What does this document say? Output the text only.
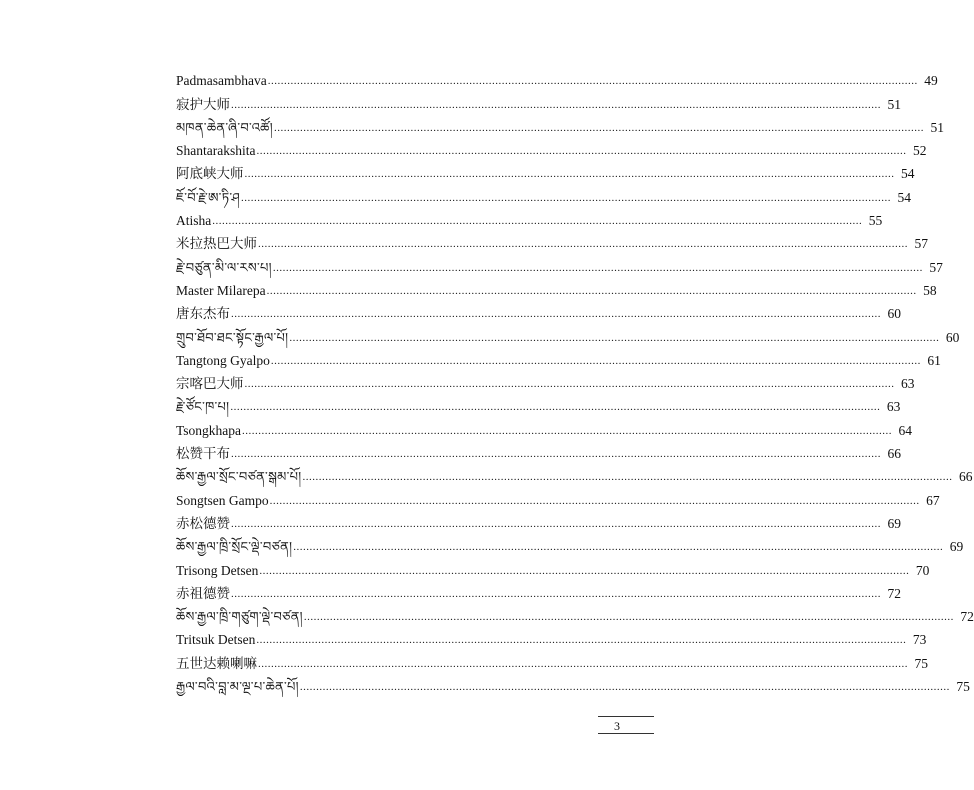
Padmasambhava ........................................................................................................................................................................................................ 49
寂护大师 ........................................................................................................................................................................................................ 51
མཁན་ཆེན་ཞི་བ་འཚོ། ........................................................................................................................................................................................................ 51
Shantarakshita ........................................................................................................................................................................................................ 52
阿底峡大师 ........................................................................................................................................................................................................ 54
ཇོ་བོ་རྗེ་ཨ་ཏི་ཤ ........................................................................................................................................................................................................ 54
Atisha ........................................................................................................................................................................................................ 55
米拉热巴大师 ........................................................................................................................................................................................................ 57
རྗེ་བཙུན་མི་ལ་རས་པ། ........................................................................................................................................................................................................ 57
Master Milarepa ........................................................................................................................................................................................................ 58
唐东杰布 ........................................................................................................................................................................................................ 60
གྲུབ་ཐོབ་ཐང་སྟོང་རྒྱལ་པོ། ........................................................................................................................................................................................................ 60
Tangtong Gyalpo ........................................................................................................................................................................................................ 61
宗喀巴大师 ........................................................................................................................................................................................................ 63
རྗེ་ཙོང་ཁ་པ། ........................................................................................................................................................................................................ 63
Tsongkhapa ........................................................................................................................................................................................................ 64
松赞干布 ........................................................................................................................................................................................................ 66
ཆོས་རྒྱལ་སྲོང་བཙན་སྒམ་པོ། ........................................................................................................................................................................................................ 66
Songtsen Gampo ........................................................................................................................................................................................................ 67
赤松德赞 ........................................................................................................................................................................................................ 69
ཆོས་རྒྱལ་ཁྲི་སྲོང་ལྡེ་བཙན། ........................................................................................................................................................................................................ 69
Trisong Detsen ........................................................................................................................................................................................................ 70
赤祖德赞 ........................................................................................................................................................................................................ 72
ཆོས་རྒྱལ་ཁྲི་གཙུག་ལྡེ་བཙན། ........................................................................................................................................................................................................ 72
Tritsuk Detsen ........................................................................................................................................................................................................ 73
五世达赖喇嘛 ........................................................................................................................................................................................................ 75
རྒྱལ་བའི་བླ་མ་ལྔ་པ་ཆེན་པོ། ........................................................................................................................................................................................................ 75
3
